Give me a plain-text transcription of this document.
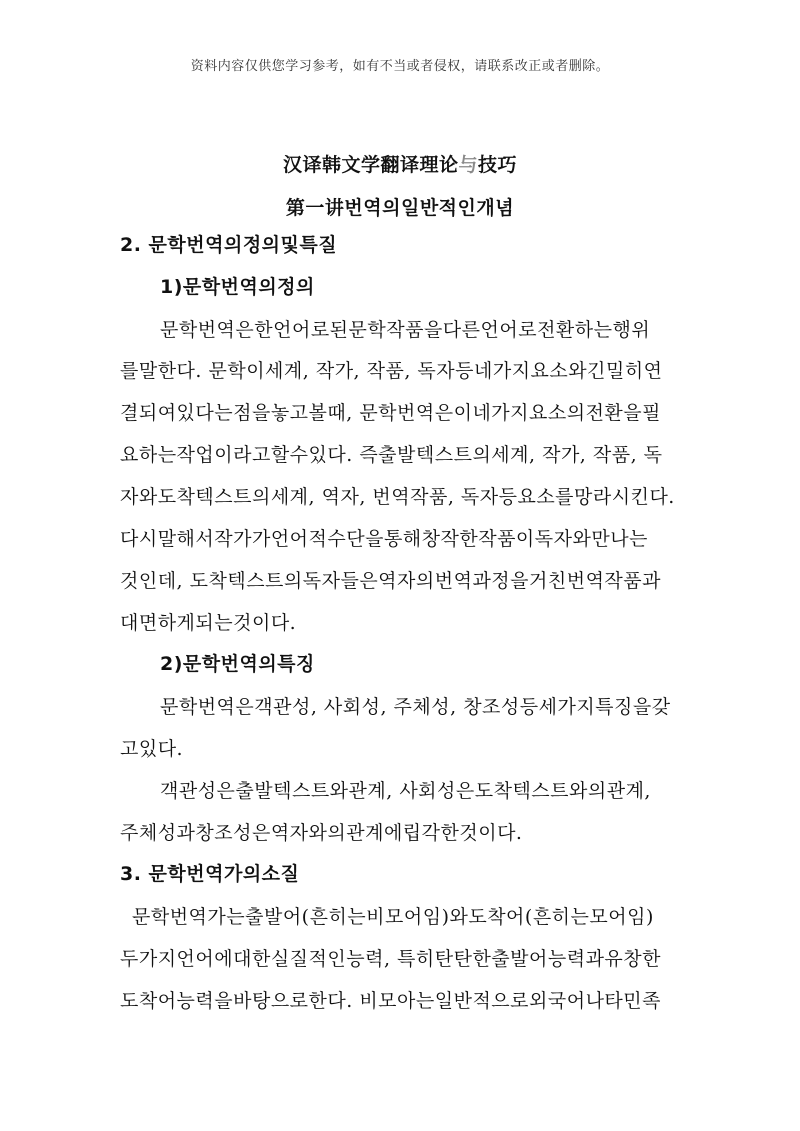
资料内容仅供您学习参考，如有不当或者侵权，请联系改正或者删除。
汉译韩文学翻译理论与技巧
第一讲번역의일반적인개념
2. 문학번역의정의및특질
1)문학번역의정의
문학번역은한언어로된문학작품을다른언어로전환하는행위
를말한다. 문학이세계, 작가, 작품, 독자등네가지요소와긴밀히연
결되여있다는점을놓고볼때, 문학번역은이네가지요소의전환을필
요하는작업이라고할수있다. 즉출발텍스트의세계, 작가, 작품, 독
자와도착텍스트의세계, 역자, 번역작품, 독자등요소를망라시킨다.
다시말해서작가가언어적수단을통해창작한작품이독자와만나는
것인데, 도착텍스트의독자들은역자의번역과정을거친번역작품과
대면하게되는것이다.
2)문학번역의특징
문학번역은객관성, 사회성, 주체성, 창조성등세가지특징을갖
고있다.
객관성은출발텍스트와관계, 사회성은도착텍스트와의관계,
주체성과창조성은역자와의관계에립각한것이다.
3. 문학번역가의소질
문학번역가는출발어(흔히는비모어임)와도착어(흔히는모어임)
두가지언어에대한실질적인능력, 특히탄탄한출발어능력과유창한
도착어능력을바탕으로한다. 비모아는일반적으로외국어나타민족
